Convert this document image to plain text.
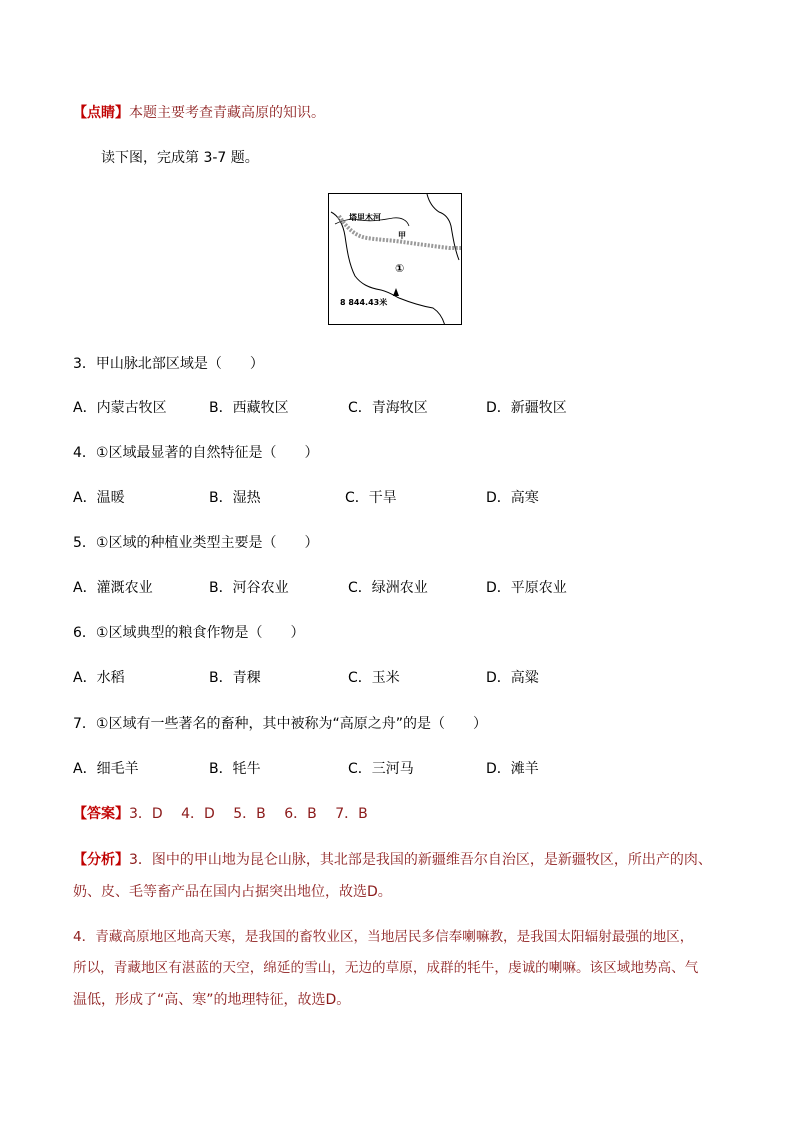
【点睛】本题主要考查青藏高原的知识。
读下图，完成第 3-7 题。
塔里木河
甲
①
8 844.43米
3．甲山脉北部区域是（　　）
A．内蒙古牧区	B．西藏牧区	C．青海牧区	D．新疆牧区
4．①区域最显著的自然特征是（　　）
A．温暖	B．湿热	C．干旱	D．高寒
5．①区域的种植业类型主要是（　　）
A．灌溉农业	B．河谷农业	C．绿洲农业	D．平原农业
6．①区域典型的粮食作物是（　　）
A．水稻	B．青稞	C．玉米	D．高粱
7．①区域有一些著名的畜种，其中被称为“高原之舟”的是（　　）
A．细毛羊	B．牦牛	C．三河马	D．滩羊
【答案】3．D　 4．D　 5．B　 6．B　 7．B
【分析】3．图中的甲山地为昆仑山脉，其北部是我国的新疆维吾尔自治区，是新疆牧区，所出产的肉、
奶、皮、毛等畜产品在国内占据突出地位，故选D。
4．青藏高原地区地高天寒，是我国的畜牧业区，当地居民多信奉喇嘛教，是我国太阳辐射最强的地区，
所以，青藏地区有湛蓝的天空，绵延的雪山，无边的草原，成群的牦牛，虔诚的喇嘛。该区域地势高、气
温低，形成了“高、寒”的地理特征，故选D。
